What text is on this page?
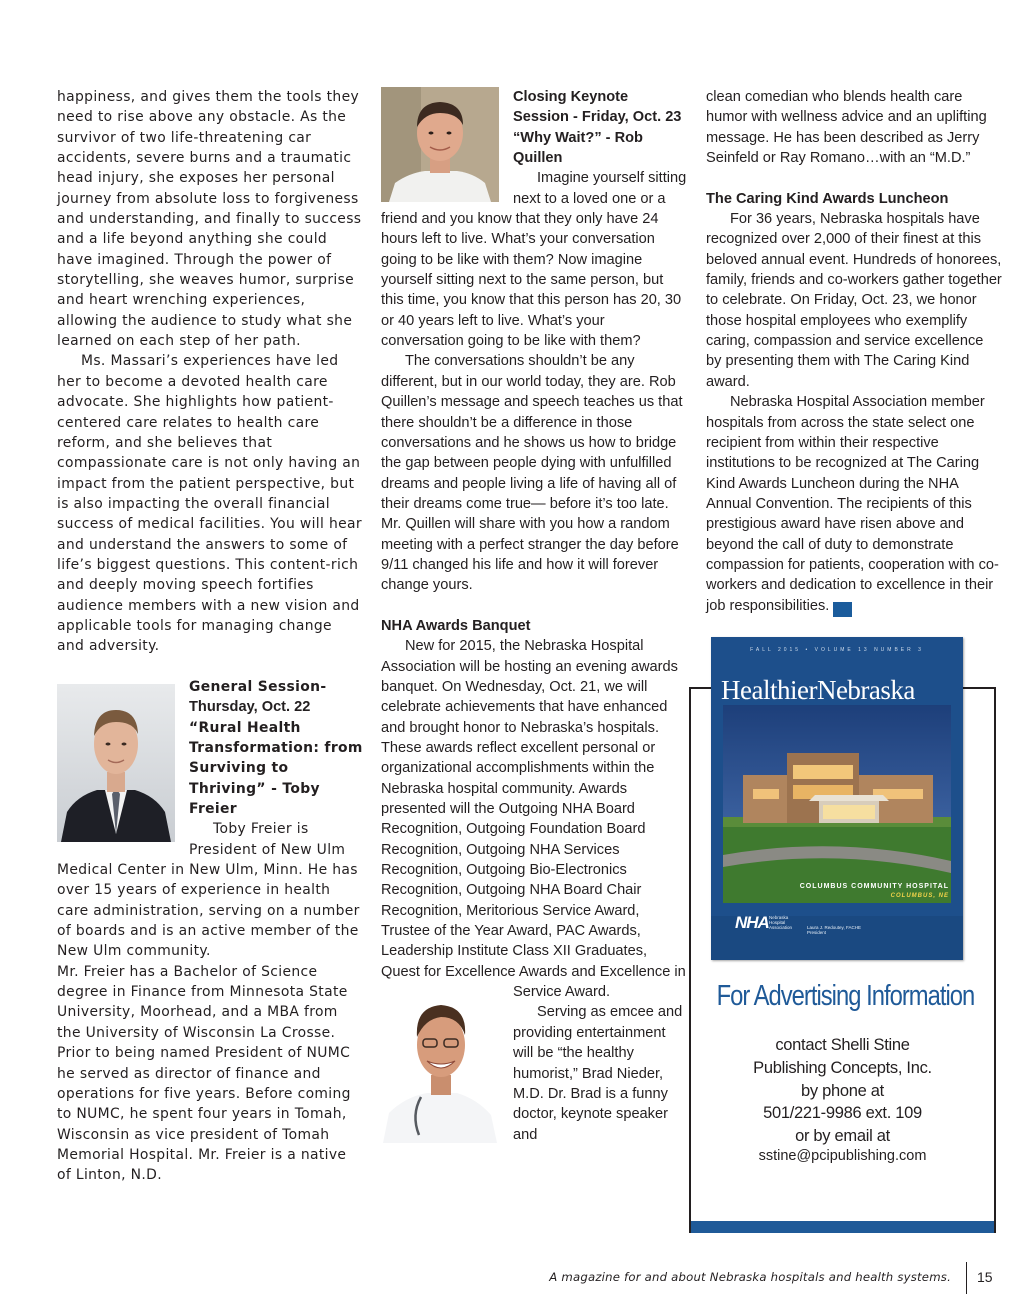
happiness, and gives them the tools they need to rise above any obstacle. As the survivor of two life-threatening car accidents, severe burns and a traumatic head injury, she exposes her personal journey from absolute loss to forgiveness and understanding, and finally to success and a life beyond anything she could have imagined. Through the power of storytelling, she weaves humor, surprise and heart wrenching experiences, allowing the audience to study what she learned on each step of her path.
Ms. Massari’s experiences have led her to become a devoted health care advocate. She highlights how patient-centered care relates to health care reform, and she believes that compassionate care is not only having an impact from the patient perspective, but is also impacting the overall financial success of medical facilities. You will hear and understand the answers to some of life’s biggest questions. This content-rich and deeply moving speech fortifies audience members with a new vision and applicable tools for managing change and adversity.
General Session-
Thursday, Oct. 22
“Rural Health Transformation: from Surviving to Thriving” - Toby Freier
Toby Freier is President of New Ulm Medical Center in New Ulm, Minn. He has over 15 years of experience in health care administration, serving on a number of boards and is an active member of the New Ulm community.
Mr. Freier has a Bachelor of Science degree in Finance from Minnesota State University, Moorhead, and a MBA from the University of Wisconsin La Crosse. Prior to being named President of NUMC he served as director of finance and operations for five years. Before coming to NUMC, he spent four years in Tomah, Wisconsin as vice president of Tomah Memorial Hospital. Mr. Freier is a native of Linton, N.D.
Closing Keynote Session - Friday, Oct. 23
“Why Wait?” - Rob Quillen
Imagine yourself sitting next to a loved one or a friend and you know that they only have 24 hours left to live. What’s your conversation going to be like with them? Now imagine yourself sitting next to the same person, but this time, you know that this person has 20, 30 or 40 years left to live. What’s your conversation going to be like with them?
The conversations shouldn’t be any different, but in our world today, they are. Rob Quillen’s message and speech teaches us that there shouldn’t be a difference in those conversations and he shows us how to bridge the gap between people dying with unfulfilled dreams and people living a life of having all of their dreams come true— before it’s too late. Mr. Quillen will share with you how a random meeting with a perfect stranger the day before 9/11 changed his life and how it will forever change yours.
NHA Awards Banquet
New for 2015, the Nebraska Hospital Association will be hosting an evening awards banquet. On Wednesday, Oct. 21, we will celebrate achievements that have enhanced and brought honor to Nebraska’s hospitals. These awards reflect excellent personal or organizational accomplishments within the Nebraska hospital community. Awards presented will the Outgoing NHA Board Recognition, Outgoing Foundation Board Recognition, Outgoing NHA Services Recognition, Outgoing Bio-Electronics Recognition, Outgoing NHA Board Chair Recognition, Meritorious Service Award, Trustee of the Year Award, PAC Awards, Leadership Institute Class XII Graduates, Quest for Excellence Awards and Excellence in
Service Award.
Serving as emcee and providing entertainment will be “the healthy humorist,” Brad Nieder, M.D. Dr. Brad is a funny doctor, keynote speaker and
clean comedian who blends health care humor with wellness advice and an uplifting message. He has been described as Jerry Seinfeld or Ray Romano…with an “M.D.”
The Caring Kind Awards Luncheon
For 36 years, Nebraska hospitals have recognized over 2,000 of their finest at this beloved annual event. Hundreds of honorees, family, friends and co-workers gather together to celebrate. On Friday, Oct. 23, we honor those hospital employees who exemplify caring, compassion and service excellence by presenting them with The Caring Kind award.
Nebraska Hospital Association member hospitals from across the state select one recipient from within their respective institutions to be recognized at The Caring Kind Awards Luncheon during the NHA Annual Convention. The recipients of this prestigious award have risen above and beyond the call of duty to demonstrate compassion for patients, cooperation with co-workers and dedication to excellence in their job responsibilities.	HN
FALL 2015 • VOLUME 13 NUMBER 3
HealthierNebraska
COLUMBUS COMMUNITY HOSPITAL
COLUMBUS, NE
NHA Nebraska Hospital Association	Laura J. Redoutey, FACHE President
For Advertising Information
contact Shelli Stine
Publishing Concepts, Inc.
by phone at
501/221-9986 ext. 109
or by email at
sstine@pcipublishing.com
A magazine for and about Nebraska hospitals and health systems. 15
